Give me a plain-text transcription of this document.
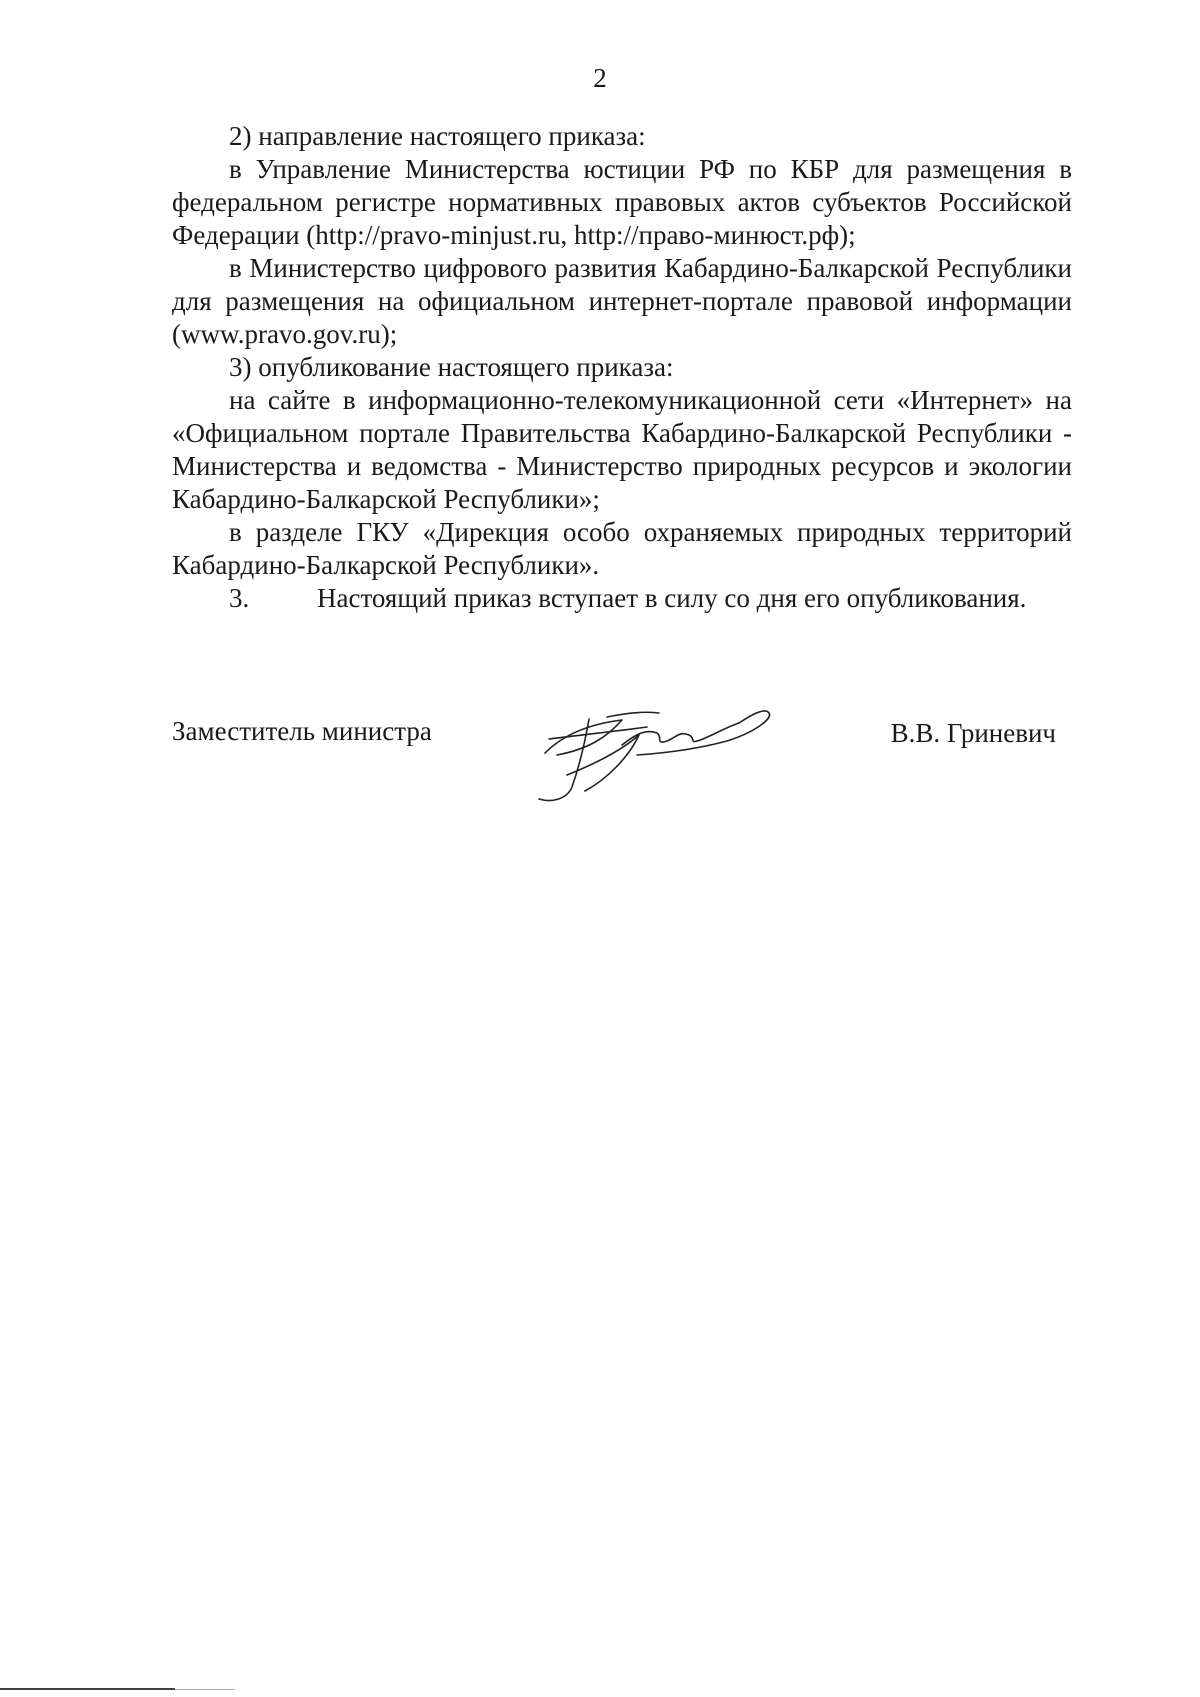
2

2) направление настоящего приказа:

в Управление Министерства юстиции РФ по КБР для размещения в федеральном регистре нормативных правовых актов субъектов Российской Федерации (http://pravo-minjust.ru, http://право-минюст.рф);

в Министерство цифрового развития Кабардино-Балкарской Республики для размещения на официальном интернет-портале правовой информации (www.pravo.gov.ru);

3) опубликование настоящего приказа:

на сайте в информационно-телекомуникационной сети «Интернет» на «Официальном портале Правительства Кабардино-Балкарской Республики - Министерства и ведомства - Министерство природных ресурсов и экологии Кабардино-Балкарской Республики»;

в разделе ГКУ «Дирекция особо охраняемых природных территорий Кабардино-Балкарской Республики».

3.	Настоящий приказ вступает в силу со дня его опубликования.

Заместитель министра	В.В. Гриневич
